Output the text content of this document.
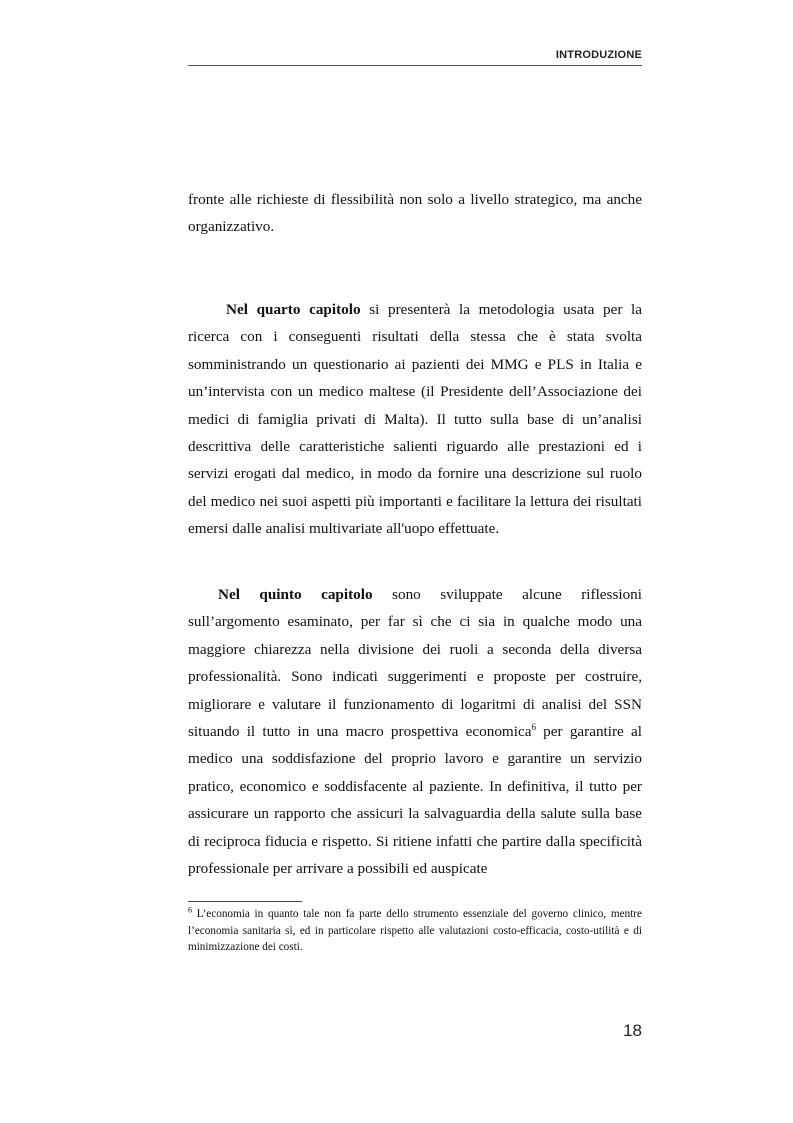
INTRODUZIONE

fronte alle richieste di flessibilità non solo a livello strategico, ma anche organizzativo.

Nel quarto capitolo si presenterà la metodologia usata per la ricerca con i conseguenti risultati della stessa che è stata svolta somministrando un questionario ai pazienti dei MMG e PLS in Italia e un’intervista con un medico maltese (il Presidente dell’Associazione dei medici di famiglia privati di Malta). Il tutto sulla base di un’analisi descrittiva delle caratteristiche salienti riguardo alle prestazioni ed i servizi erogati dal medico, in modo da fornire una descrizione sul ruolo del medico nei suoi aspetti più importanti e facilitare la lettura dei risultati emersi dalle analisi multivariate all'uopo effettuate.

Nel quinto capitolo sono sviluppate alcune riflessioni sull’argomento esaminato, per far sì che ci sia in qualche modo una maggiore chiarezza nella divisione dei ruoli a seconda della diversa professionalità. Sono indicati suggerimenti e proposte per costruire, migliorare e valutare il funzionamento di logaritmi di analisi del SSN situando il tutto in una macro prospettiva economica$^6$ per garantire al medico una soddisfazione del proprio lavoro e garantire un servizio pratico, economico e soddisfacente al paziente. In definitiva, il tutto per assicurare un rapporto che assicuri la salvaguardia della salute sulla base di reciproca fiducia e rispetto. Si ritiene infatti che partire dalla specificità professionale per arrivare a possibili ed auspicate

$^6$ L’economia in quanto tale non fa parte dello strumento essenziale del governo clinico, mentre l’economia sanitaria sì, ed in particolare rispetto alle valutazioni costo-efficacia, costo-utilità e di minimizzazione dei costi.

18
